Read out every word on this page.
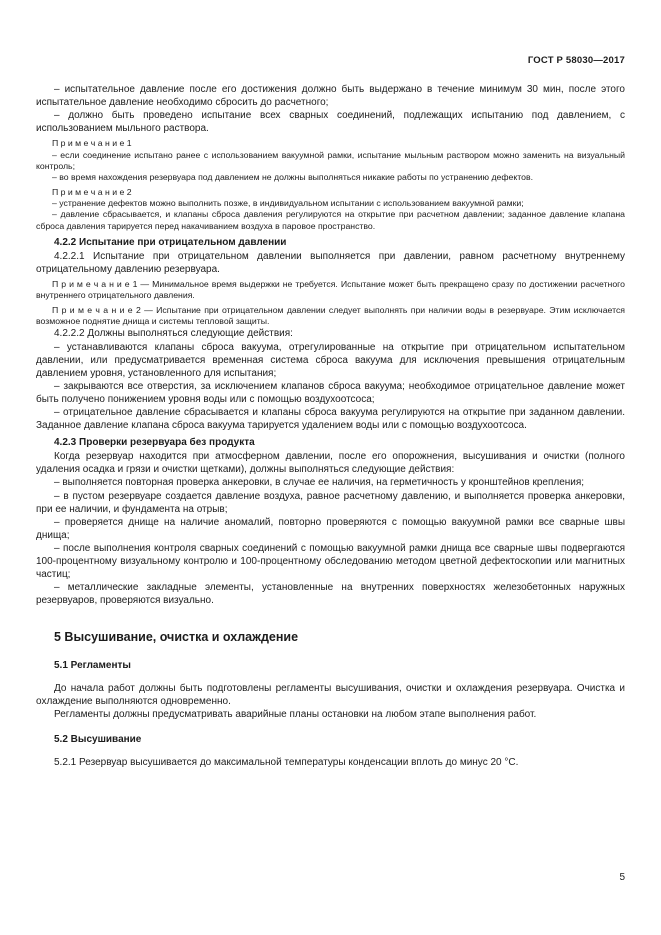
ГОСТ Р 58030—2017

– испытательное давление после его достижения должно быть выдержано в течение минимум 30 мин, после этого испытательное давление необходимо сбросить до расчетного;

– должно быть проведено испытание всех сварных соединений, подлежащих испытанию под давлением, с использованием мыльного раствора.

П р и м е ч а н и е 1

– если соединение испытано ранее с использованием вакуумной рамки, испытание мыльным раствором можно заменить на визуальный контроль;

– во время нахождения резервуара под давлением не должны выполняться никакие работы по устранению дефектов.

П р и м е ч а н и е 2

– устранение дефектов можно выполнить позже, в индивидуальном испытании с использованием вакуумной рамки;

– давление сбрасывается, и клапаны сброса давления регулируются на открытие при расчетном давлении; заданное давление клапана сброса давления тарируется перед накачиванием воздуха в паровое пространство.

4.2.2 Испытание при отрицательном давлении

4.2.2.1 Испытание при отрицательном давлении выполняется при давлении, равном расчетному внутреннему отрицательному давлению резервуара.

П р и м е ч а н и е 1 — Минимальное время выдержки не требуется. Испытание может быть прекращено сразу по достижении расчетного внутреннего отрицательного давления.

П р и м е ч а н и е 2 — Испытание при отрицательном давлении следует выполнять при наличии воды в резервуаре. Этим исключается возможное поднятие днища и системы тепловой защиты.

4.2.2.2 Должны выполняться следующие действия:

– устанавливаются клапаны сброса вакуума, отрегулированные на открытие при отрицательном испытательном давлении, или предусматривается временная система сброса вакуума для исключения превышения отрицательным давлением уровня, установленного для испытания;

– закрываются все отверстия, за исключением клапанов сброса вакуума; необходимое отрицательное давление может быть получено понижением уровня воды или с помощью воздухоотсоса;

– отрицательное давление сбрасывается и клапаны сброса вакуума регулируются на открытие при заданном давлении. Заданное давление клапана сброса вакуума тарируется удалением воды или с помощью воздухоотсоса.

4.2.3 Проверки резервуара без продукта

Когда резервуар находится при атмосферном давлении, после его опорожнения, высушивания и очистки (полного удаления осадка и грязи и очистки щетками), должны выполняться следующие действия:

– выполняется повторная проверка анкеровки, в случае ее наличия, на герметичность у кронштейнов крепления;

– в пустом резервуаре создается давление воздуха, равное расчетному давлению, и выполняется проверка анкеровки, при ее наличии, и фундамента на отрыв;

– проверяется днище на наличие аномалий, повторно проверяются с помощью вакуумной рамки все сварные швы днища;

– после выполнения контроля сварных соединений с помощью вакуумной рамки днища все сварные швы подвергаются 100-процентному визуальному контролю и 100-процентному обследованию методом цветной дефектоскопии или магнитных частиц;

– металлические закладные элементы, установленные на внутренних поверхностях железобетонных наружных резервуаров, проверяются визуально.

5 Высушивание, очистка и охлаждение
5.1 Регламенты

До начала работ должны быть подготовлены регламенты высушивания, очистки и охлаждения резервуара. Очистка и охлаждение выполняются одновременно.

Регламенты должны предусматривать аварийные планы остановки на любом этапе выполнения работ.

5.2 Высушивание

5.2.1 Резервуар высушивается до максимальной температуры конденсации вплоть до минус 20 °С.

5
